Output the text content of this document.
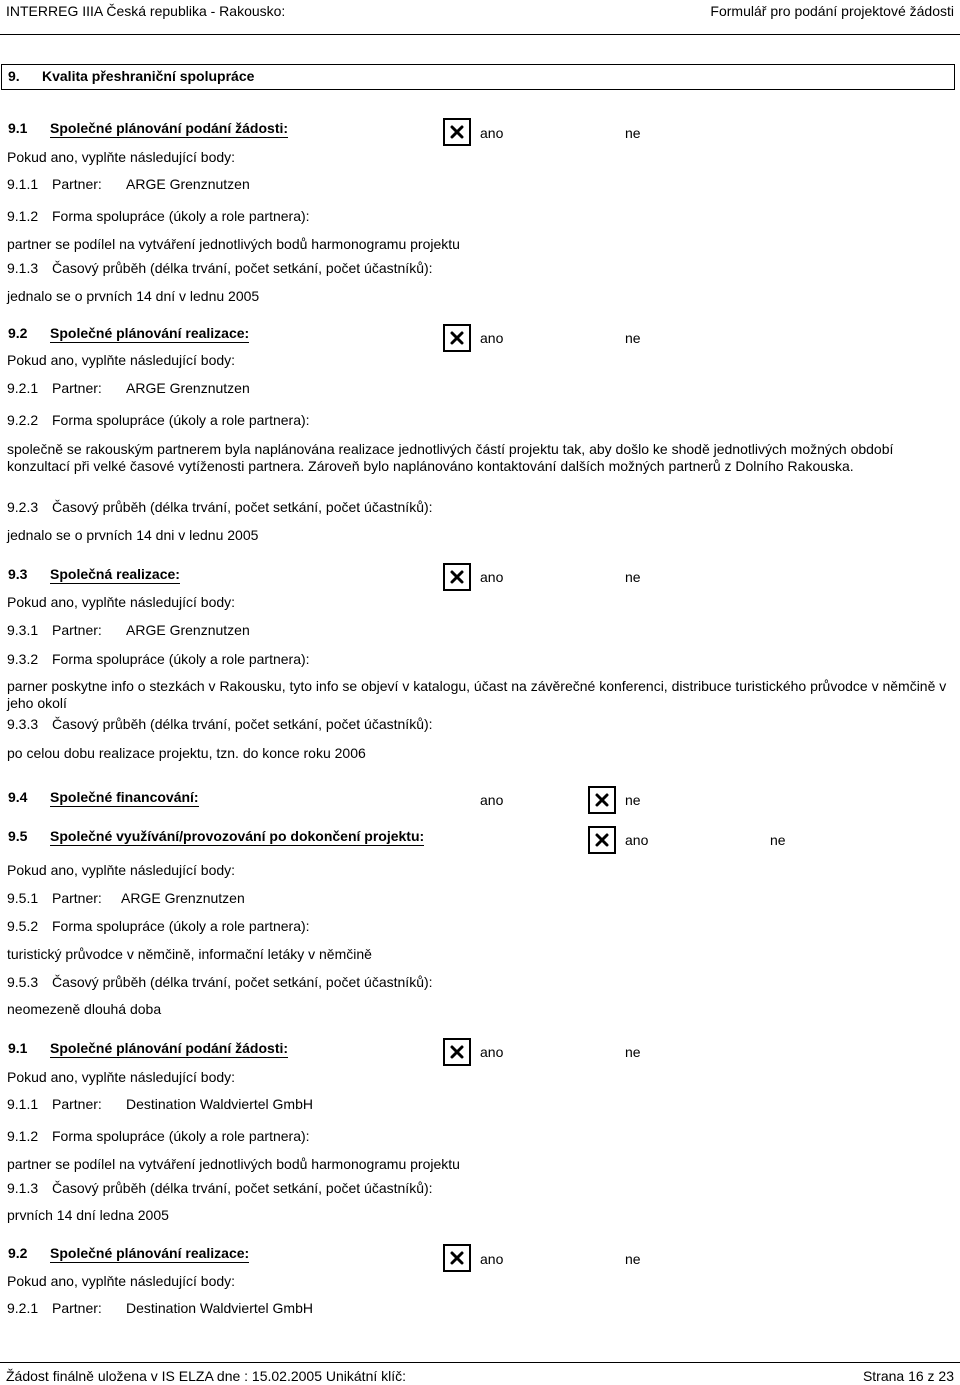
INTERREG IIIA Česká republika - Rakousko:	Formulář pro podání projektové žádosti
9. Kvalita přeshraniční spolupráce
9.1 Společné plánování podání žádosti:	ano	ne
Pokud ano, vyplňte následující body:
9.1.1 Partner: ARGE Grenznutzen
9.1.2 Forma spolupráce (úkoly a role partnera):
partner se podílel na vytváření jednotlivých bodů harmonogramu projektu
9.1.3 Časový průběh (délka trvání, počet setkání, počet účastníků):
jednalo se o prvních 14 dní v lednu 2005
9.2 Společné plánování realizace:	ano	ne
Pokud ano, vyplňte následující body:
9.2.1 Partner: ARGE Grenznutzen
9.2.2 Forma spolupráce (úkoly a role partnera):
společně se rakouským partnerem byla naplánována realizace jednotlivých částí projektu tak, aby došlo ke shodě jednotlivých možných období konzultací při velké časové vytíženosti partnera. Zároveň bylo naplánováno kontaktování dalších možných partnerů z Dolního Rakouska.
9.2.3 Časový průběh (délka trvání, počet setkání, počet účastníků):
jednalo se o prvních 14 dni v lednu 2005
9.3 Společná realizace:	ano	ne
Pokud ano, vyplňte následující body:
9.3.1 Partner: ARGE Grenznutzen
9.3.2 Forma spolupráce (úkoly a role partnera):
parner poskytne info o stezkách v Rakousku, tyto info se objeví v katalogu, účast na závěrečné konferenci, distribuce turistického průvodce v němčině v jeho okolí
9.3.3 Časový průběh (délka trvání, počet setkání, počet účastníků):
po celou dobu realizace projektu, tzn. do konce roku 2006
9.4 Společné financování:	ano	ne
9.5 Společné využívání/provozování po dokončení projektu:	ano	ne
Pokud ano, vyplňte následující body:
9.5.1 Partner: ARGE Grenznutzen
9.5.2 Forma spolupráce (úkoly a role partnera):
turistický průvodce v němčině, informační letáky v němčině
9.5.3 Časový průběh (délka trvání, počet setkání, počet účastníků):
neomezeně dlouhá doba
9.1 Společné plánování podání žádosti:	ano	ne
Pokud ano, vyplňte následující body:
9.1.1 Partner: Destination Waldviertel GmbH
9.1.2 Forma spolupráce (úkoly a role partnera):
partner se podílel na vytváření jednotlivých bodů harmonogramu projektu
9.1.3 Časový průběh (délka trvání, počet setkání, počet účastníků):
prvních 14 dní ledna 2005
9.2 Společné plánování realizace:	ano	ne
Pokud ano, vyplňte následující body:
9.2.1 Partner: Destination Waldviertel GmbH
Žádost finálně uložena v IS ELZA dne : 15.02.2005 Unikátní klíč:	Strana 16 z 23
